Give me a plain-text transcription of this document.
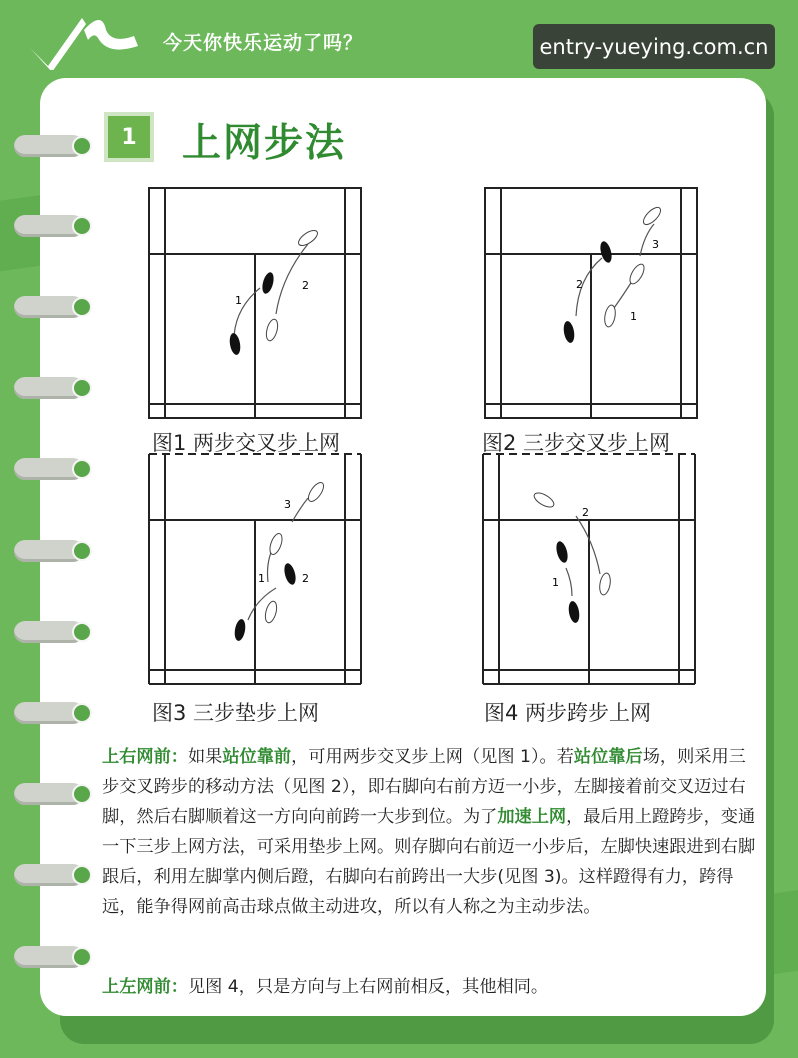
今天你快乐运动了吗？	entry-yueying.com.cn
1	上网步法
1
2
图1 两步交叉步上网
2
3
1
图2 三步交叉步上网
3
1	2
图3 三步垫步上网
2
1
图4 两步跨步上网
上右网前：如果站位靠前，可用两步交叉步上网（见图 1）。若站位靠后场，则采用三步交叉跨步的移动方法（见图 2），即右脚向右前方迈一小步，左脚接着前交叉迈过右脚，然后右脚顺着这一方向向前跨一大步到位。为了加速上网，最后用上蹬跨步，变通一下三步上网方法，可采用垫步上网。则存脚向右前迈一小步后，左脚快速跟进到右脚跟后，利用左脚掌内侧后蹬，右脚向右前跨出一大步(见图 3)。这样蹬得有力，跨得远，能争得网前高击球点做主动进攻，所以有人称之为主动步法。
上左网前：见图 4，只是方向与上右网前相反，其他相同。
